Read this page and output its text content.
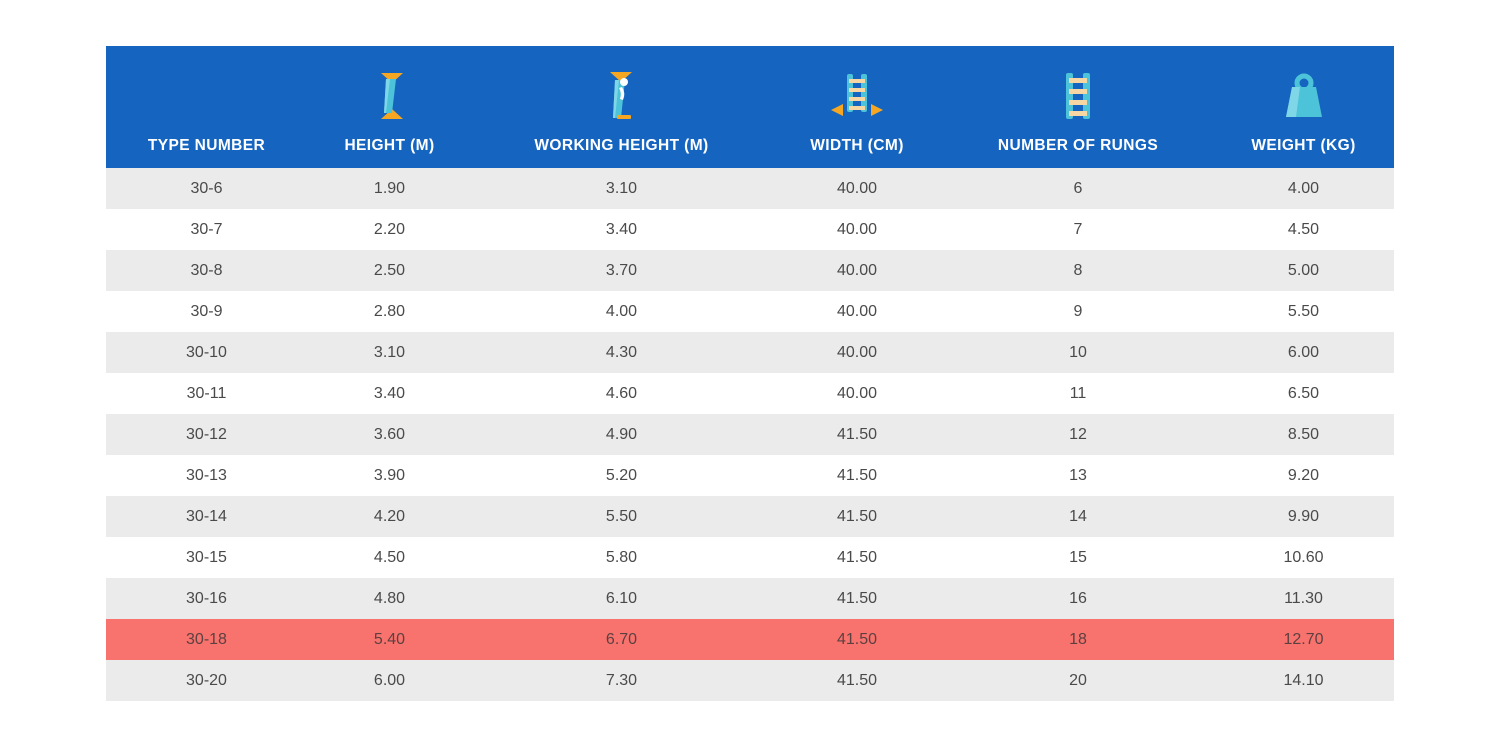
TYPE NUMBER	HEIGHT (M)	WORKING HEIGHT (M)	WIDTH (CM)	NUMBER OF RUNGS	WEIGHT (KG)

30-6	1.90	3.10	40.00	6	4.00
30-7	2.20	3.40	40.00	7	4.50
30-8	2.50	3.70	40.00	8	5.00
30-9	2.80	4.00	40.00	9	5.50
30-10	3.10	4.30	40.00	10	6.00
30-11	3.40	4.60	40.00	11	6.50
30-12	3.60	4.90	41.50	12	8.50
30-13	3.90	5.20	41.50	13	9.20
30-14	4.20	5.50	41.50	14	9.90
30-15	4.50	5.80	41.50	15	10.60
30-16	4.80	6.10	41.50	16	11.30
30-18	5.40	6.70	41.50	18	12.70
30-20	6.00	7.30	41.50	20	14.10
